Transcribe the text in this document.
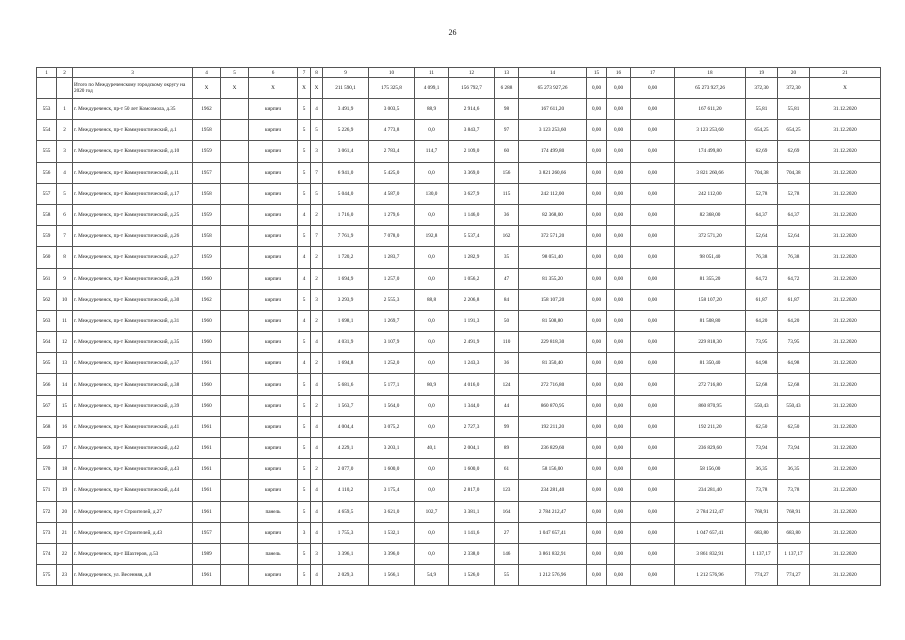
26
1	2	3	4	5	6	7	8	9	10	11	12	13	14	15	16	17	18	19	20	21
		Итого по Междуреченскому городскому округу на 2020 год	X	X	X	X	X	211 590,1	175 325,8	4 099,1	156 792,7	6 288	65 273 927,26	0,00	0,00	0,00	65 273 927,26	372,30	372,30	X
553	1	г. Междуреченск, пр-т 50 лет Комсомола, д.35	1962		кирпич	5	4	3 491,9	3 003,5	88,9	2 914,6	98	167 611,20	0,00	0,00	0,00	167 611,20	55,81	55,81	31.12.2020
554	2	г. Междуреченск, пр-т Коммунистический, д.1	1958		кирпич	5	5	5 226,9	4 773,8	0,0	3 843,7	97	3 123 253,60	0,00	0,00	0,00	3 123 253,60	654,25	654,25	31.12.2020
555	3	г. Междуреченск, пр-т Коммунистический, д.10	1959		кирпич	5	3	3 061,4	2 783,4	114,7	2 109,0	60	174 499,80	0,00	0,00	0,00	174 499,80	62,69	62,69	31.12.2020
556	4	г. Междуреченск, пр-т Коммунистический, д.11	1957		кирпич	5	7	6 941,0	5 425,0	0,0	3 369,0	156	3 821 260,66	0,00	0,00	0,00	3 821 260,66	704,38	704,38	31.12.2020
557	5	г. Междуреченск, пр-т Коммунистический, д.17	1958		кирпич	5	5	5 044,0	4 587,0	130,0	3 627,9	115	242 112,00	0,00	0,00	0,00	242 112,00	52,78	52,78	31.12.2020
558	6	г. Междуреченск, пр-т Коммунистический, д.25	1959		кирпич	4	2	1 716,0	1 279,6	0,0	1 146,0	36	82 368,00	0,00	0,00	0,00	82 368,00	64,37	64,37	31.12.2020
559	7	г. Междуреченск, пр-т Коммунистический, д.26	1958		кирпич	5	7	7 761,9	7 078,0	192,8	5 537,4	162	372 571,20	0,00	0,00	0,00	372 571,20	52,64	52,64	31.12.2020
560	8	г. Междуреченск, пр-т Коммунистический, д.27	1959		кирпич	4	2	1 720,2	1 283,7	0,0	1 282,9	35	98 051,40	0,00	0,00	0,00	98 051,40	76,38	76,38	31.12.2020
561	9	г. Междуреченск, пр-т Коммунистический, д.29	1960		кирпич	4	2	1 694,9	1 257,0	0,0	1 056,2	47	81 355,20	0,00	0,00	0,00	81 355,20	64,72	64,72	31.12.2020
562	10	г. Междуреченск, пр-т Коммунистический, д.30	1962		кирпич	5	3	3 293,9	2 555,3	88,8	2 206,8	84	158 107,20	0,00	0,00	0,00	158 107,20	61,87	61,87	31.12.2020
563	11	г. Междуреченск, пр-т Коммунистический, д.31	1960		кирпич	4	2	1 698,1	1 269,7	0,0	1 191,3	50	81 508,80	0,00	0,00	0,00	81 508,80	64,20	64,20	31.12.2020
564	12	г. Междуреченск, пр-т Коммунистический, д.35	1960		кирпич	5	4	4 031,9	3 107,9	0,0	2 491,9	110	229 818,30	0,00	0,00	0,00	229 818,30	73,95	73,95	31.12.2020
565	13	г. Междуреченск, пр-т Коммунистический, д.37	1961		кирпич	4	2	1 694,8	1 252,0	0,0	1 243,3	36	81 350,40	0,00	0,00	0,00	81 350,40	64,98	64,98	31.12.2020
566	14	г. Междуреченск, пр-т Коммунистический, д.38	1960		кирпич	5	4	5 681,6	5 177,1	80,9	4 016,0	124	272 716,80	0,00	0,00	0,00	272 716,80	52,68	52,68	31.12.2020
567	15	г. Междуреченск, пр-т Коммунистический, д.39	1960		кирпич	5	2	1 563,7	1 564,0	0,0	1 344,0	44	860 870,95	0,00	0,00	0,00	860 870,95	550,43	550,43	31.12.2020
568	16	г. Междуреченск, пр-т Коммунистический, д.41	1961		кирпич	5	4	4 004,4	3 075,2	0,0	2 727,3	99	192 211,20	0,00	0,00	0,00	192 211,20	62,50	62,50	31.12.2020
569	17	г. Междуреченск, пр-т Коммунистический, д.42	1961		кирпич	5	4	4 229,1	3 203,1	40,1	2 004,1	89	236 829,60	0,00	0,00	0,00	236 829,60	73,94	73,94	31.12.2020
570	18	г. Междуреченск, пр-т Коммунистический, д.43	1961		кирпич	5	2	2 077,0	1 600,0	0,0	1 600,0	61	58 156,00	0,00	0,00	0,00	58 156,00	36,35	36,35	31.12.2020
571	19	г. Междуреченск, пр-т Коммунистический, д.44	1961		кирпич	5	4	4 110,2	3 175,4	0,0	2 817,0	123	234 281,40	0,00	0,00	0,00	234 281,40	73,78	73,78	31.12.2020
572	20	г. Междуреченск, пр-т Строителей, д.27	1961		панель	5	4	4 659,5	3 621,0	102,7	3 381,1	164	2 784 212,47	0,00	0,00	0,00	2 784 212,47	768,91	768,91	31.12.2020
573	21	г. Междуреченск, пр-т Строителей, д.43	1957		кирпич	3	4	1 755,3	1 532,1	0,0	1 141,6	27	1 047 657,41	0,00	0,00	0,00	1 047 657,41	683,80	683,80	31.12.2020
574	22	г. Междуреченск, пр-т Шахтеров, д.53	1989		панель	5	3	3 396,1	3 396,0	0,0	2 338,0	146	3 861 832,91	0,00	0,00	0,00	3 861 832,91	1 137,17	1 137,17	31.12.2020
575	23	г. Междуреченск, ул. Весенняя, д.8	1961		кирпич	5	4	2 029,3	1 566,1	54,9	1 526,0	55	1 212 576,96	0,00	0,00	0,00	1 212 576,96	774,27	774,27	31.12.2020
